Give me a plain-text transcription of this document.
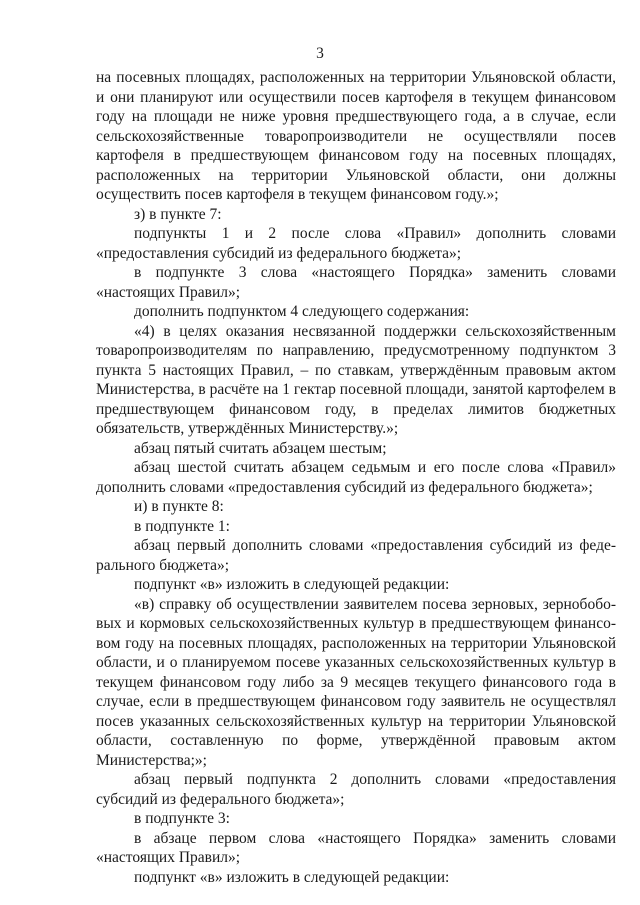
3

на посевных площадях, расположенных на территории Ульяновской области, и они планируют или осуществили посев картофеля в текущем финансовом году на площади не ниже уровня предшествующего года, а в случае, если сельскохозяйственные товаропроизводители не осуществляли посев картофеля в предшествующем финансовом году на посевных площадях, расположенных на территории Ульяновской области, они должны осуществить посев картофеля в текущем финансовом году.»;

з) в пункте 7:

подпункты 1 и 2 после слова «Правил» дополнить словами «предоставления субсидий из федерального бюджета»;

в подпункте 3 слова «настоящего Порядка» заменить словами «настоящих Правил»;

дополнить подпунктом 4 следующего содержания:

«4) в целях оказания несвязанной поддержки сельскохозяйственным товаропроизводителям по направлению, предусмотренному подпунктом 3 пункта 5 настоящих Правил, – по ставкам, утверждённым правовым актом Министерства, в расчёте на 1 гектар посевной площади, занятой картофелем в предшествующем финансовом году, в пределах лимитов бюджетных обязательств, утверждённых Министерству.»;

абзац пятый считать абзацем шестым;

абзац шестой считать абзацем седьмым и его после слова «Правил» дополнить словами «предоставления субсидий из федерального бюджета»;

и) в пункте 8:

в подпункте 1:

абзац первый дополнить словами «предоставления субсидий из феде-рального бюджета»;

подпункт «в» изложить в следующей редакции:

«в) справку об осуществлении заявителем посева зерновых, зернобобо-вых и кормовых сельскохозяйственных культур в предшествующем финансо-вом году на посевных площадях, расположенных на территории Ульяновской области, и о планируемом посеве указанных сельскохозяйственных культур в текущем финансовом году либо за 9 месяцев текущего финансового года в случае, если в предшествующем финансовом году заявитель не осуществлял посев указанных сельскохозяйственных культур на территории Ульяновской области, составленную по форме, утверждённой правовым актом Министерства;»;

абзац первый подпункта 2 дополнить словами «предоставления субсидий из федерального бюджета»;

в подпункте 3:

в абзаце первом слова «настоящего Порядка» заменить словами «настоящих Правил»;

подпункт «в» изложить в следующей редакции:
